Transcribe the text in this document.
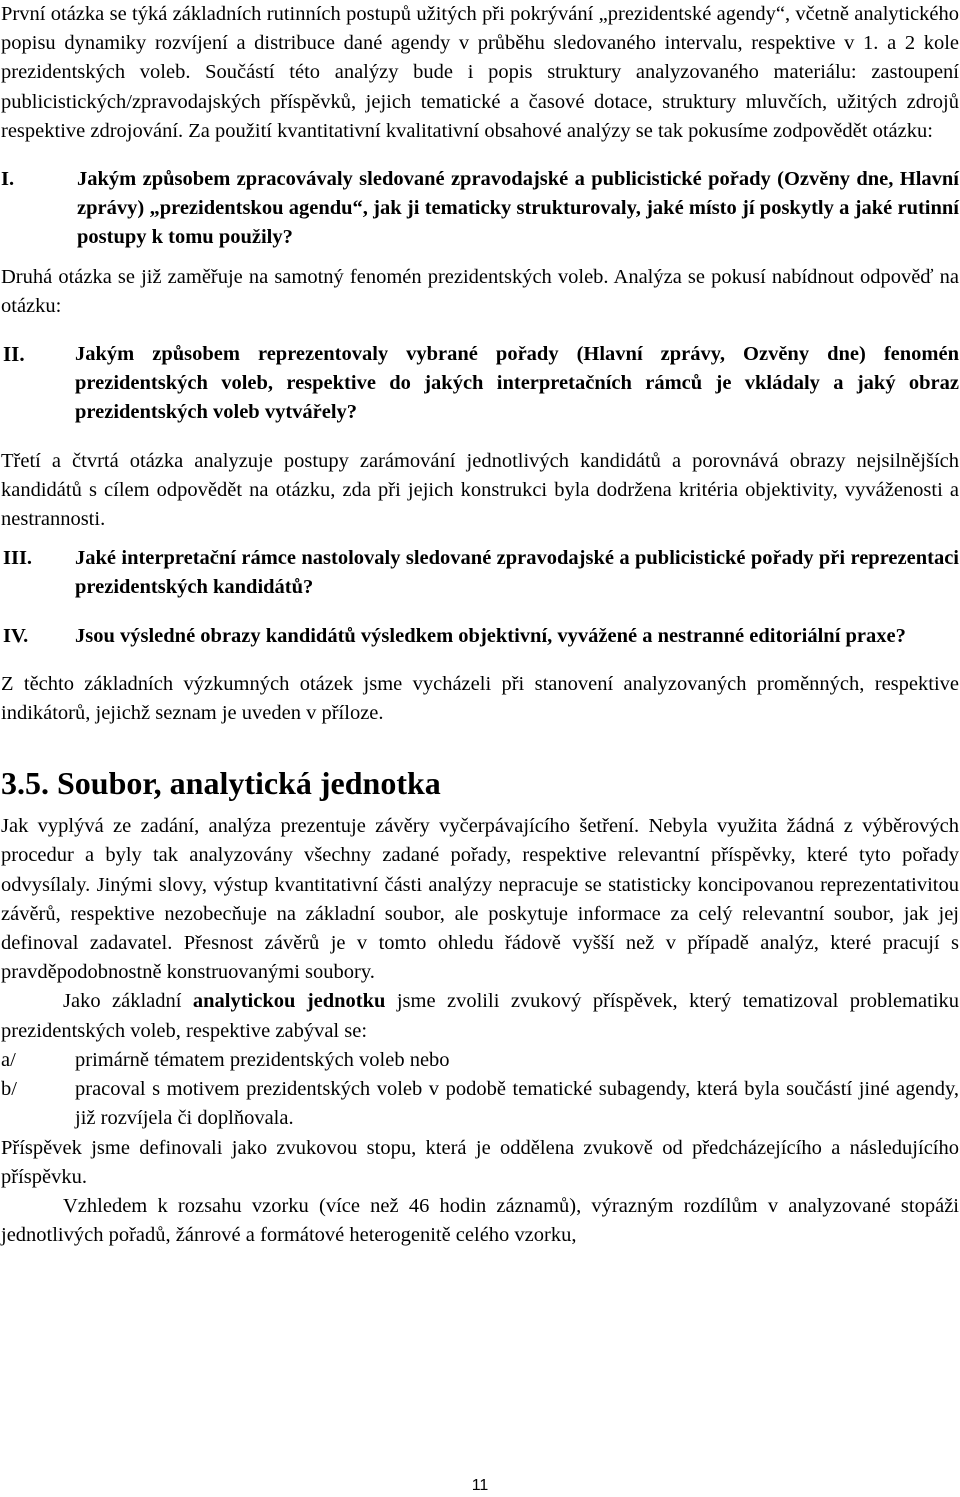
První otázka se týká základních rutinních postupů užitých při pokrývání „prezidentské agendy“, včetně analytického popisu dynamiky rozvíjení a distribuce dané agendy v průběhu sledovaného intervalu, respektive v 1. a 2 kole prezidentských voleb. Součástí této analýzy bude i popis struktury analyzovaného materiálu: zastoupení publicistických/zpravodajských příspěvků, jejich tematické a časové dotace, struktury mluvčích, užitých zdrojů respektive zdrojování. Za použití kvantitativní kvalitativní obsahové analýzy se tak pokusíme zodpovědět otázku:

I.	Jakým způsobem zpracovávaly sledované zpravodajské a publicistické pořady (Ozvěny dne, Hlavní zprávy) „prezidentskou agendu“, jak ji tematicky strukturovaly, jaké místo jí poskytly a jaké rutinní postupy k tomu použily?

Druhá otázka se již zaměřuje na samotný fenomén prezidentských voleb. Analýza se pokusí nabídnout odpověď na otázku:

II.	Jakým způsobem reprezentovaly vybrané pořady (Hlavní zprávy, Ozvěny dne) fenomén prezidentských voleb, respektive do jakých interpretačních rámců je vkládaly a jaký obraz prezidentských voleb vytvářely?

Třetí a čtvrtá otázka analyzuje postupy zarámování jednotlivých kandidátů a porovnává obrazy nejsilnějších kandidátů s cílem odpovědět na otázku, zda při jejich konstrukci byla dodržena kritéria objektivity, vyváženosti a nestrannosti.

III.	Jaké interpretační rámce nastolovaly sledované zpravodajské a publicistické pořady při reprezentaci prezidentských kandidátů?
IV.	Jsou výsledné obrazy kandidátů výsledkem objektivní, vyvážené a nestranné editoriální praxe?

Z těchto základních výzkumných otázek jsme vycházeli při stanovení analyzovaných proměnných, respektive indikátorů, jejichž seznam je uveden v příloze.

3.5. Soubor, analytická jednotka

Jak vyplývá ze zadání, analýza prezentuje závěry vyčerpávajícího šetření. Nebyla využita žádná z výběrových procedur a byly tak analyzovány všechny zadané pořady, respektive relevantní příspěvky, které tyto pořady odvysílaly. Jinými slovy, výstup kvantitativní části analýzy nepracuje se statisticky koncipovanou reprezentativitou závěrů, respektive nezobecňuje na základní soubor, ale poskytuje informace za celý relevantní soubor, jak jej definoval zadavatel. Přesnost závěrů je v tomto ohledu řádově vyšší než v případě analýz, které pracují s pravděpodobnostně konstruovanými soubory.

Jako základní analytickou jednotku jsme zvolili zvukový příspěvek, který tematizoval problematiku prezidentských voleb, respektive zabýval se:

a/	primárně tématem prezidentských voleb nebo
b/	pracoval s motivem prezidentských voleb v podobě tematické subagendy, která byla součástí jiné agendy, již rozvíjela či doplňovala.

Příspěvek jsme definovali jako zvukovou stopu, která je oddělena zvukově od předcházejícího a následujícího příspěvku.

Vzhledem k rozsahu vzorku (více než 46 hodin záznamů), výrazným rozdílům v analyzované stopáži jednotlivých pořadů, žánrové a formátové heterogenitě celého vzorku,

11
